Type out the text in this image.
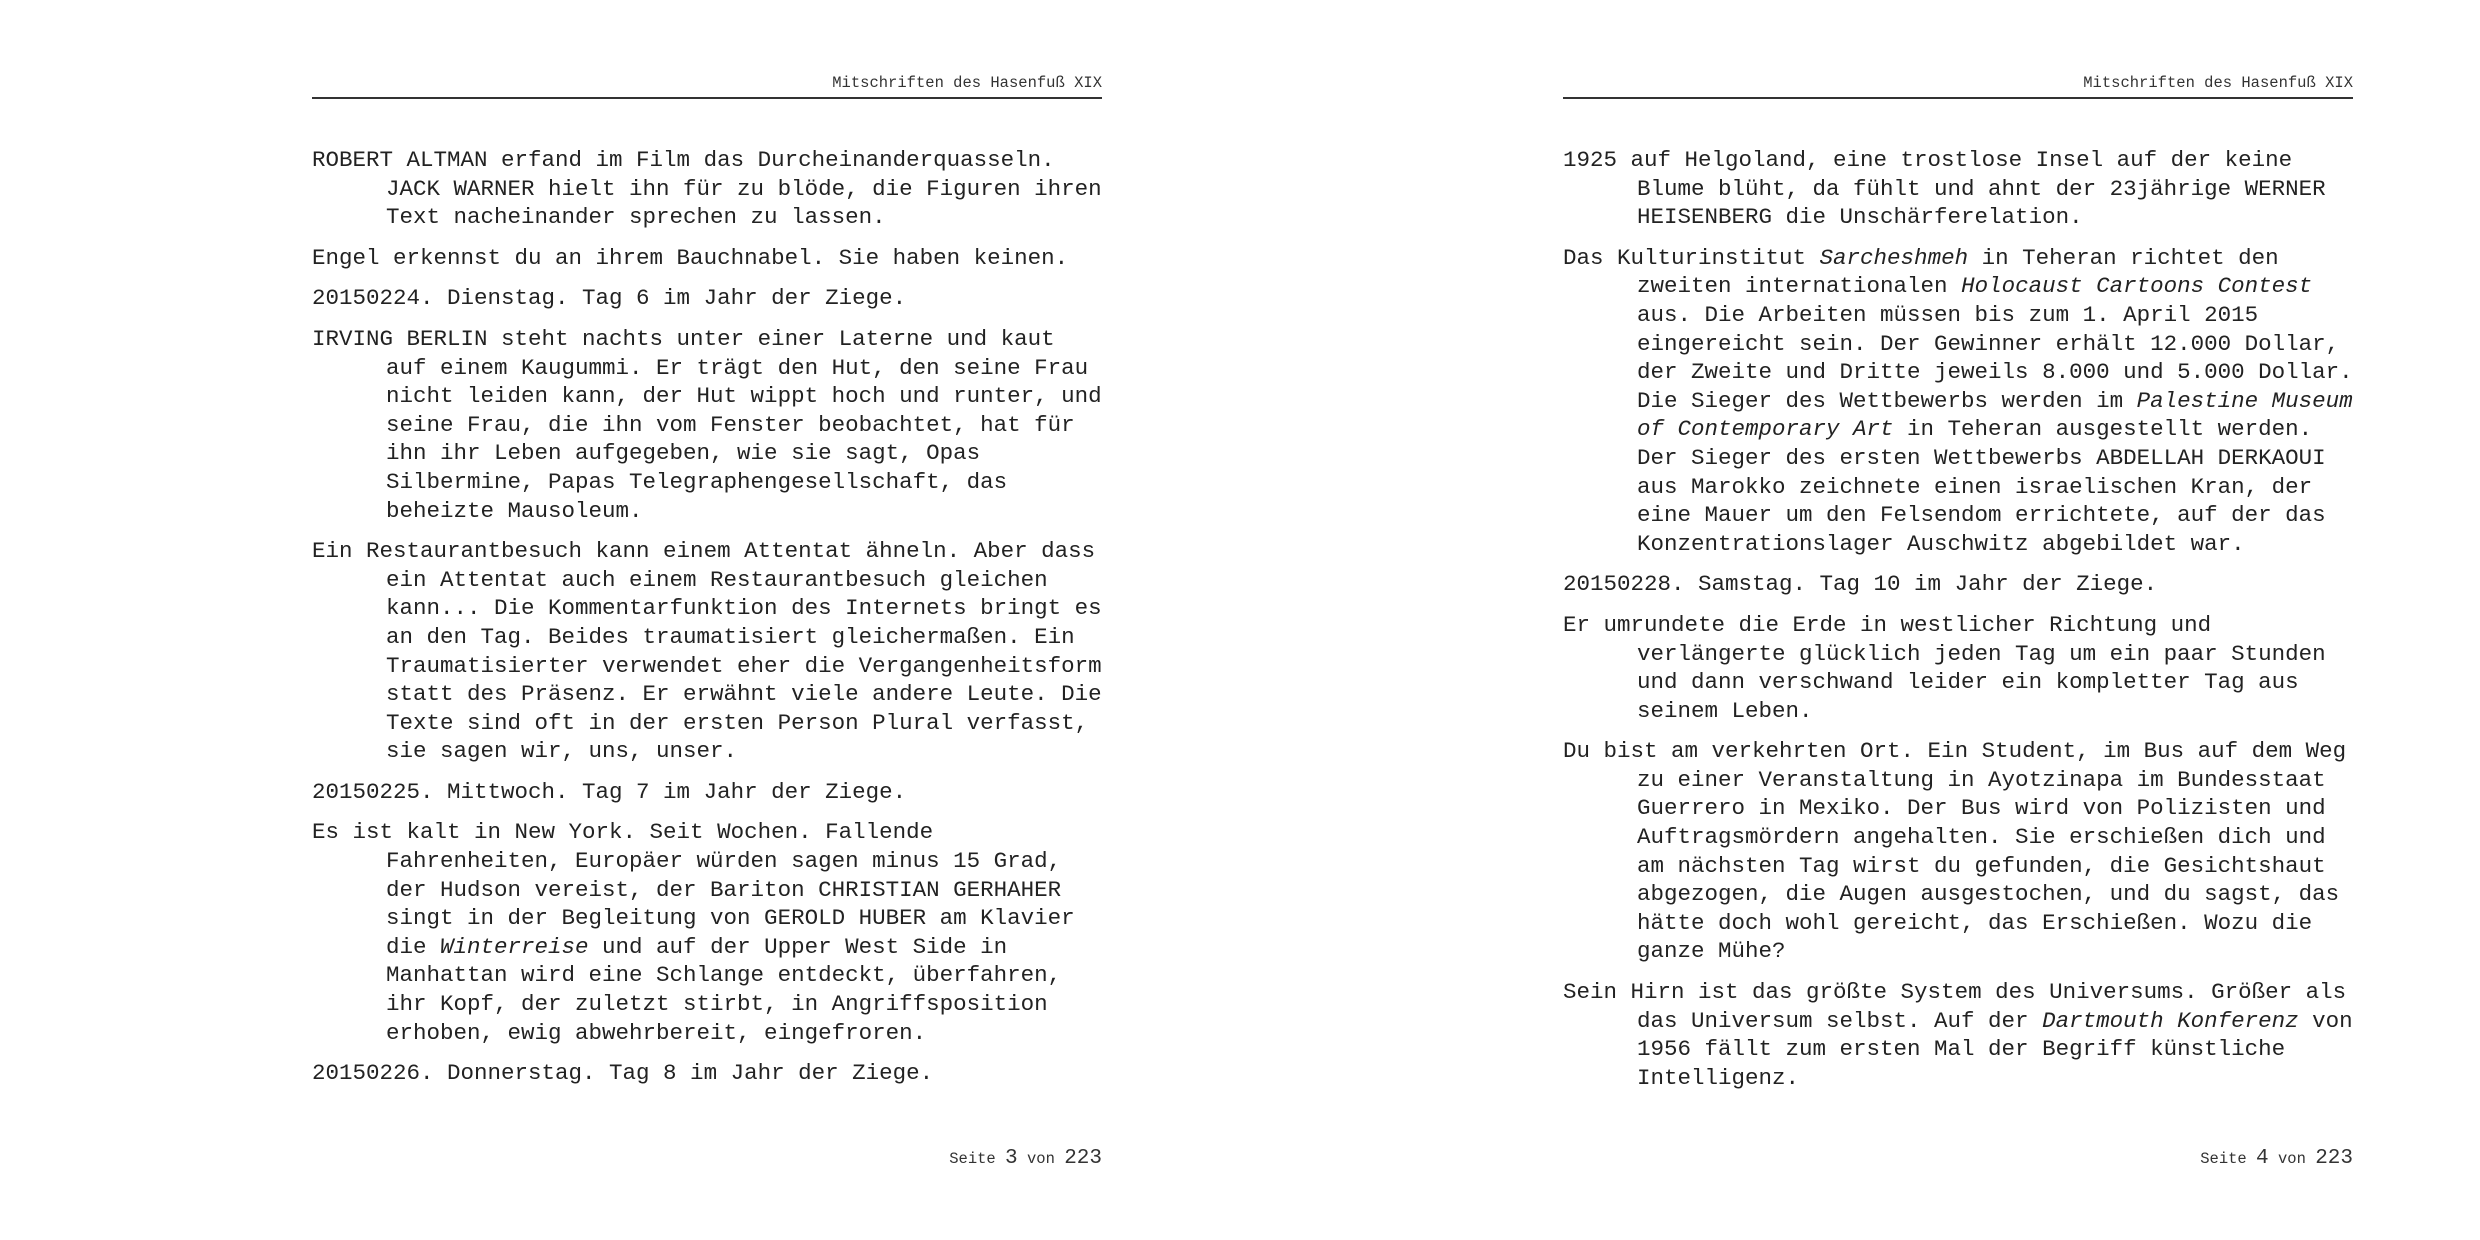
Mitschriften des Hasenfuß XIX

ROBERT ALTMAN erfand im Film das Durcheinanderquasseln. JACK WARNER hielt ihn für zu blöde, die Figuren ihren Text nacheinander sprechen zu lassen.

Engel erkennst du an ihrem Bauchnabel. Sie haben keinen.

20150224. Dienstag. Tag 6 im Jahr der Ziege.

IRVING BERLIN steht nachts unter einer Laterne und kaut auf einem Kaugummi. Er trägt den Hut, den seine Frau nicht leiden kann, der Hut wippt hoch und runter, und seine Frau, die ihn vom Fenster beobachtet, hat für ihn ihr Leben aufgegeben, wie sie sagt, Opas Silbermine, Papas Telegraphengesellschaft, das beheizte Mausoleum.

Ein Restaurantbesuch kann einem Attentat ähneln. Aber dass ein Attentat auch einem Restaurantbesuch gleichen kann... Die Kommentarfunktion des Internets bringt es an den Tag. Beides traumatisiert gleichermaßen. Ein Traumatisierter verwendet eher die Vergangenheitsform statt des Präsenz. Er erwähnt viele andere Leute. Die Texte sind oft in der ersten Person Plural verfasst, sie sagen wir, uns, unser.

20150225. Mittwoch. Tag 7 im Jahr der Ziege.

Es ist kalt in New York. Seit Wochen. Fallende Fahrenheiten, Europäer würden sagen minus 15 Grad, der Hudson vereist, der Bariton CHRISTIAN GERHAHER singt in der Begleitung von GEROLD HUBER am Klavier die Winterreise und auf der Upper West Side in Manhattan wird eine Schlange entdeckt, überfahren, ihr Kopf, der zuletzt stirbt, in Angriffsposition erhoben, ewig abwehrbereit, eingefroren.

20150226. Donnerstag. Tag 8 im Jahr der Ziege.

Seite 3 von 223
Mitschriften des Hasenfuß XIX

1925 auf Helgoland, eine trostlose Insel auf der keine Blume blüht, da fühlt und ahnt der 23jährige WERNER HEISENBERG die Unschärferelation.

Das Kulturinstitut Sarcheshmeh in Teheran richtet den zweiten internationalen Holocaust Cartoons Contest aus. Die Arbeiten müssen bis zum 1. April 2015 eingereicht sein. Der Gewinner erhält 12.000 Dollar, der Zweite und Dritte jeweils 8.000 und 5.000 Dollar. Die Sieger des Wettbewerbs werden im Palestine Museum of Contemporary Art in Teheran ausgestellt werden. Der Sieger des ersten Wettbewerbs ABDELLAH DERKAOUI aus Marokko zeichnete einen israelischen Kran, der eine Mauer um den Felsendom errichtete, auf der das Konzentrationslager Auschwitz abgebildet war.

20150228. Samstag. Tag 10 im Jahr der Ziege.

Er umrundete die Erde in westlicher Richtung und verlängerte glücklich jeden Tag um ein paar Stunden und dann verschwand leider ein kompletter Tag aus seinem Leben.

Du bist am verkehrten Ort. Ein Student, im Bus auf dem Weg zu einer Veranstaltung in Ayotzinapa im Bundesstaat Guerrero in Mexiko. Der Bus wird von Polizisten und Auftragsmördern angehalten. Sie erschießen dich und am nächsten Tag wirst du gefunden, die Gesichtshaut abgezogen, die Augen ausgestochen, und du sagst, das hätte doch wohl gereicht, das Erschießen. Wozu die ganze Mühe?

Sein Hirn ist das größte System des Universums. Größer als das Universum selbst. Auf der Dartmouth Konferenz von 1956 fällt zum ersten Mal der Begriff künstliche Intelligenz.

Seite 4 von 223
